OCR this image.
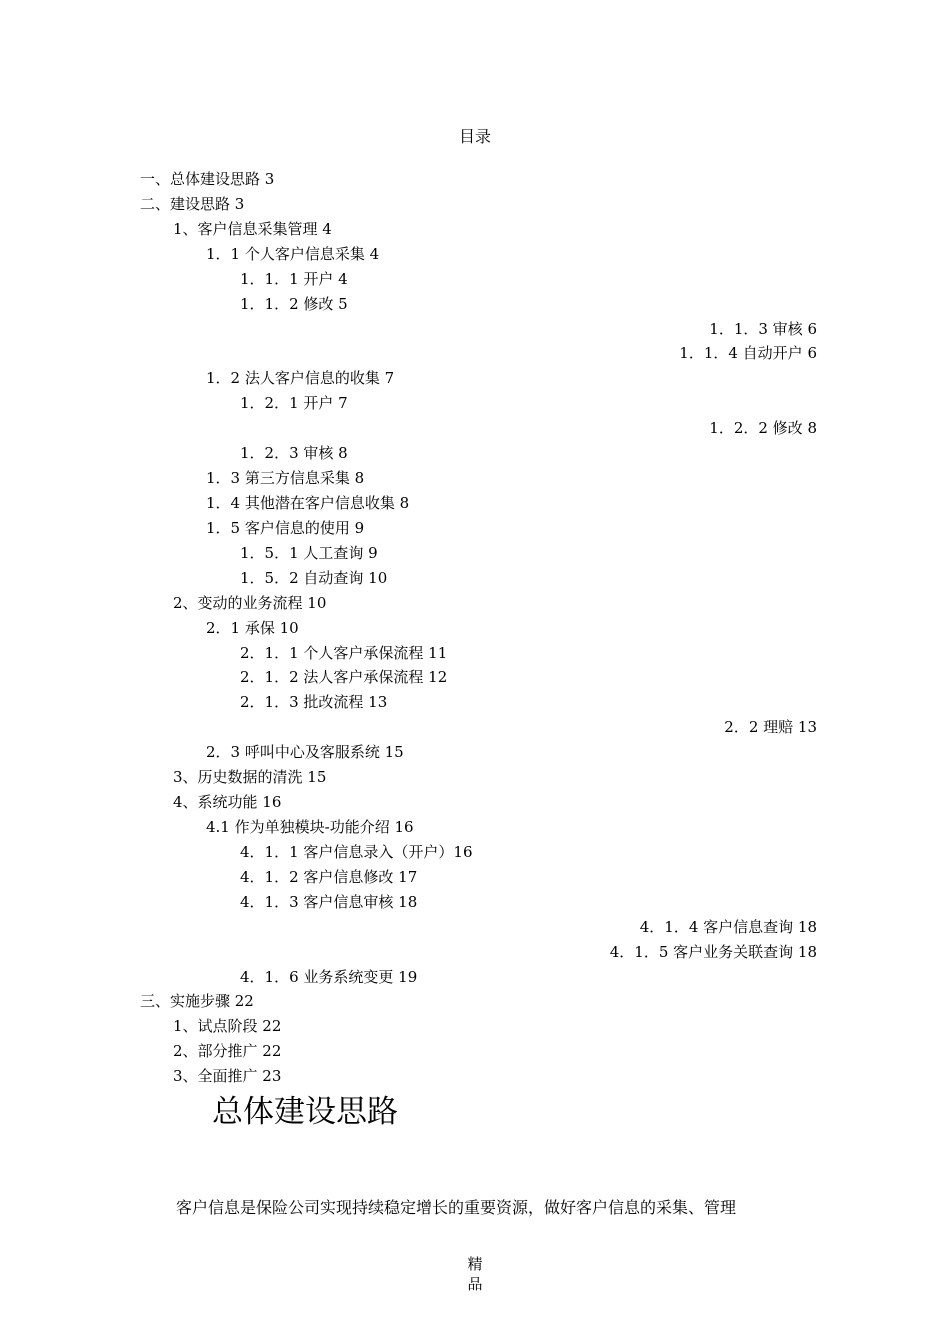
目录
一、总体建设思路 3
二、建设思路 3
1、客户信息采集管理 4
1．1 个人客户信息采集 4
1．1．1 开户 4
1．1．2 修改 5
1．1．3 审核 6
1．1．4 自动开户 6
1．2 法人客户信息的收集 7
1．2．1 开户 7
1．2．2 修改 8
1．2．3 审核 8
1．3 第三方信息采集 8
1．4 其他潜在客户信息收集 8
1．5 客户信息的使用 9
1．5．1 人工查询 9
1．5．2 自动查询 10
2、变动的业务流程 10
2．1 承保 10
2．1．1 个人客户承保流程 11
2．1．2 法人客户承保流程 12
2．1．3 批改流程 13
2．2 理赔 13
2．3 呼叫中心及客服系统 15
3、历史数据的清洗 15
4、系统功能 16
4.1 作为单独模块-功能介绍 16
4．1．1 客户信息录入（开户）16
4．1．2 客户信息修改 17
4．1．3 客户信息审核 18
4．1．4 客户信息查询 18
4．1．5 客户业务关联查询 18
4．1．6 业务系统变更 19
三、实施步骤 22
1、试点阶段 22
2、部分推广 22
3、全面推广 23
总体建设思路

客户信息是保险公司实现持续稳定增长的重要资源，做好客户信息的采集、管理

精
品
